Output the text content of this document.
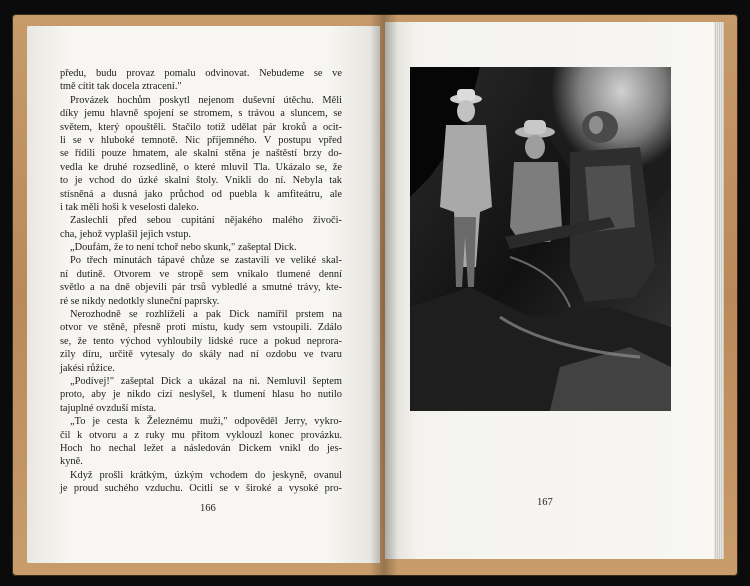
předu, budu provaz pomalu odvinovat. Nebudeme se ve
tmě cítit tak docela ztracení."
Provázek hochům poskytl nejenom duševní útěchu. Měli
díky jemu hlavně spojení se stromem, s trávou a sluncem, se
světem, který opouštěli. Stačilo totiž udělat pár kroků a ocit-
li se v hluboké temnotě. Nic příjemného. V postupu vpřed
se řídili pouze hmatem, ale skalní stěna je naštěstí brzy do-
vedla ke druhé rozsedlině, o které mluvil Tla. Ukázalo se, že
to je vchod do úzké skalní štoly. Vnikli do ní. Nebyla tak
stísněná a dusná jako průchod od pueblа k amfiteátru, ale
i tak měli hoši k veselosti daleko.
Zaslechli před sebou cupitání nějakého malého živoči-
cha, jehož vyplašil jejich vstup.
„Doufám, že to není tchoř nebo skunk," zašeptal Dick.
Po třech minutách tápavé chůze se zastavili ve veliké skal-
ní dutině. Otvorem ve stropě sem vnikalo tlumené denní
světlo a na dně objevili pár trsů vybledlé a smutné trávy, kte-
ré se nikdy nedotkly sluneční paprsky.
Nerozhodně se rozhlíželi a pak Dick namířil prstem na
otvor ve stěně, přesně proti místu, kudy sem vstoupili. Zdálo
se, že tento východ vyhloubily lidské ruce a pokud neprora-
zily díru, určitě vytesaly do skály nad ní ozdobu ve tvaru
jakési růžice.
„Podívej!" zašeptal Dick a ukázal na ni. Nemluvil šeptem
proto, aby je nikdo cizí neslyšel, k tlumení hlasu ho nutilo
tajuplné ovzduší místa.
„To je cesta k Železnému muži," odpověděl Jerry, vykro-
čil k otvoru a z ruky mu přitom vyklouzl konec provázku.
Hoch ho nechal ležet a následován Dickem vnikl do jes-
kyně.
Když prošli krátkým, úzkým vchodem do jeskyně, ovanul
je proud suchého vzduchu. Ocitli se v široké a vysoké pro-
166
167
